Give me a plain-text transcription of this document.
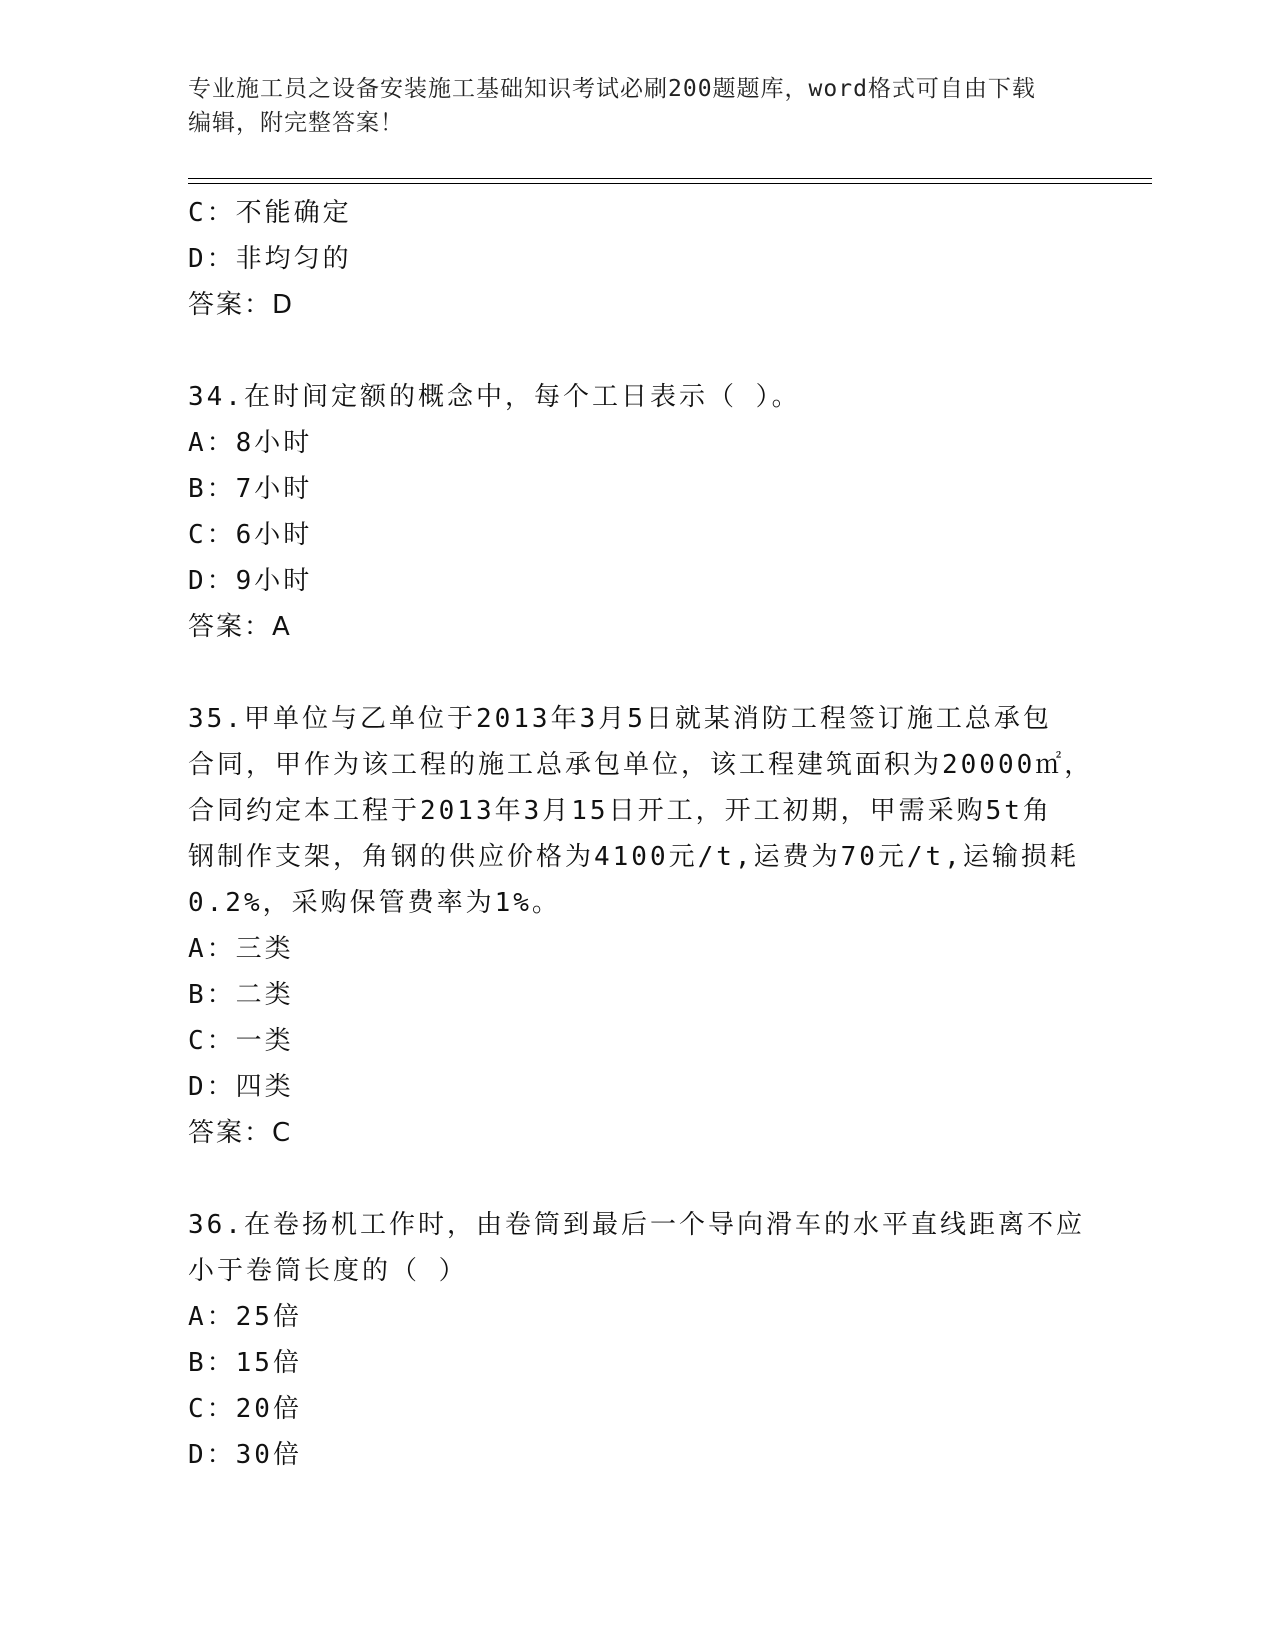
专业施工员之设备安装施工基础知识考试必刷200题题库，word格式可自由下载
编辑，附完整答案！
C：不能确定
D：非均匀的
答案：D
34.在时间定额的概念中，每个工日表示（ ）。
A：8小时
B：7小时
C：6小时
D：9小时
答案：A
35.甲单位与乙单位于2013年3月5日就某消防工程签订施工总承包
合同，甲作为该工程的施工总承包单位，该工程建筑面积为20000㎡，
合同约定本工程于2013年3月15日开工，开工初期，甲需采购5t角
钢制作支架，角钢的供应价格为4100元/t,运费为70元/t,运输损耗
0.2%，采购保管费率为1%。
A：三类
B：二类
C：一类
D：四类
答案：C
36.在卷扬机工作时，由卷筒到最后一个导向滑车的水平直线距离不应
小于卷筒长度的（ ）
A：25倍
B：15倍
C：20倍
D：30倍
